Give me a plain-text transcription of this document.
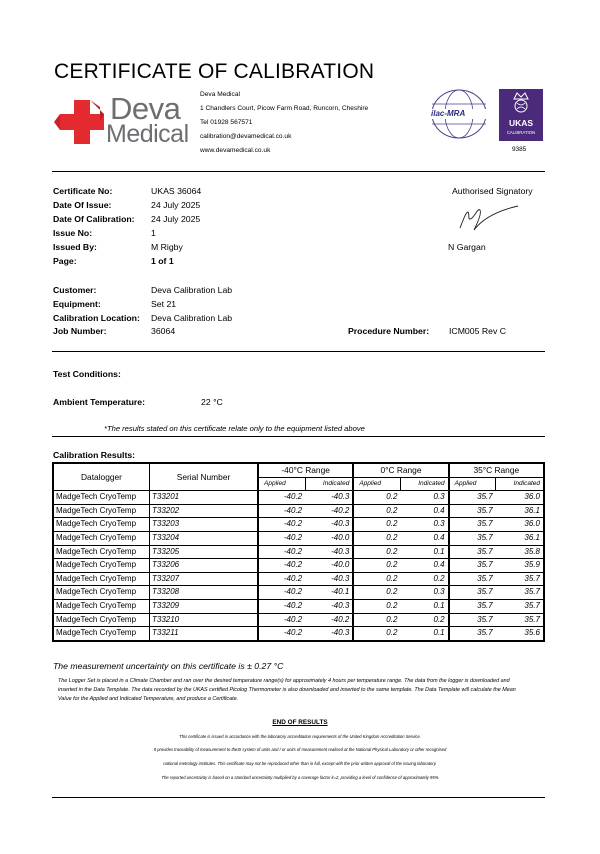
CERTIFICATE OF CALIBRATION
Deva
Medical
Deva Medical
1 Chandlers Court, Picow Farm Road, Runcorn, Cheshire
Tel 01928 567571
calibration@devamedical.co.uk
www.devamedical.co.uk
ilac-MRA
UKAS
CALIBRATION
9385
Certificate No:	UKAS 36064
Date Of Issue:	24 July 2025
Date Of Calibration: 24 July 2025
Issue No:	1
Issued By:	M Rigby
Page:	1 of 1
Authorised Signatory
N Gargan
Customer:	Deva Calibration Lab
Equipment:	Set 21
Calibration Location: Deva Calibration Lab
Job Number:	36064	Procedure Number: ICM005 Rev C
Test Conditions:
Ambient Temperature:	22 °C
*The results stated on this certificate relate only to the equipment listed above
Calibration Results:
Datalogger	Serial Number	-40°C Range		0°C Range		35°C Range	
		Applied	Indicated	Applied	Indicated	Applied	Indicated
MadgeTech CryoTemp	T33201	-40.2	-40.3	0.2	0.3	35.7	36.0
MadgeTech CryoTemp	T33202	-40.2	-40.2	0.2	0.4	35.7	36.1
MadgeTech CryoTemp	T33203	-40.2	-40.3	0.2	0.3	35.7	36.0
MadgeTech CryoTemp	T33204	-40.2	-40.0	0.2	0.4	35.7	36.1
MadgeTech CryoTemp	T33205	-40.2	-40.3	0.2	0.1	35.7	35.8
MadgeTech CryoTemp	T33206	-40.2	-40.0	0.2	0.4	35.7	35.9
MadgeTech CryoTemp	T33207	-40.2	-40.3	0.2	0.2	35.7	35.7
MadgeTech CryoTemp	T33208	-40.2	-40.1	0.2	0.3	35.7	35.7
MadgeTech CryoTemp	T33209	-40.2	-40.3	0.2	0.1	35.7	35.7
MadgeTech CryoTemp	T33210	-40.2	-40.2	0.2	0.2	35.7	35.7
MadgeTech CryoTemp	T33211	-40.2	-40.3	0.2	0.1	35.7	35.6
The measurement uncertainty on this certificate is ± 0.27 °C
The Logger Set is placed in a Climate Chamber and ran over the desired temperature range(s) for approximately 4 hours per temperature range. The data from the logger is downloaded and inserted in the Data Template. The data recorded by the UKAS certified Picolog Thermometer is also downloaded and inserted to the same template. The Data Template will calculate the Mean Value for the Applied and Indicated Temperature, and produce a Certificate.
END OF RESULTS
This certificate is issued in accordance with the laboratory accreditation requirements of the United Kingdom Accreditation Service.
It provides traceability of measurement to theSI system of units and / or units of measurement realised at the National Physical Laboratory or other recognised
national metrology institutes. This certificate may not be reproduced other than in full, except with the prior written approval of the issuing laboratory.
The reported uncertainty is based on a standard uncertainty multiplied by a coverage factor k=2, providing a level of confidence of approximately 95%
